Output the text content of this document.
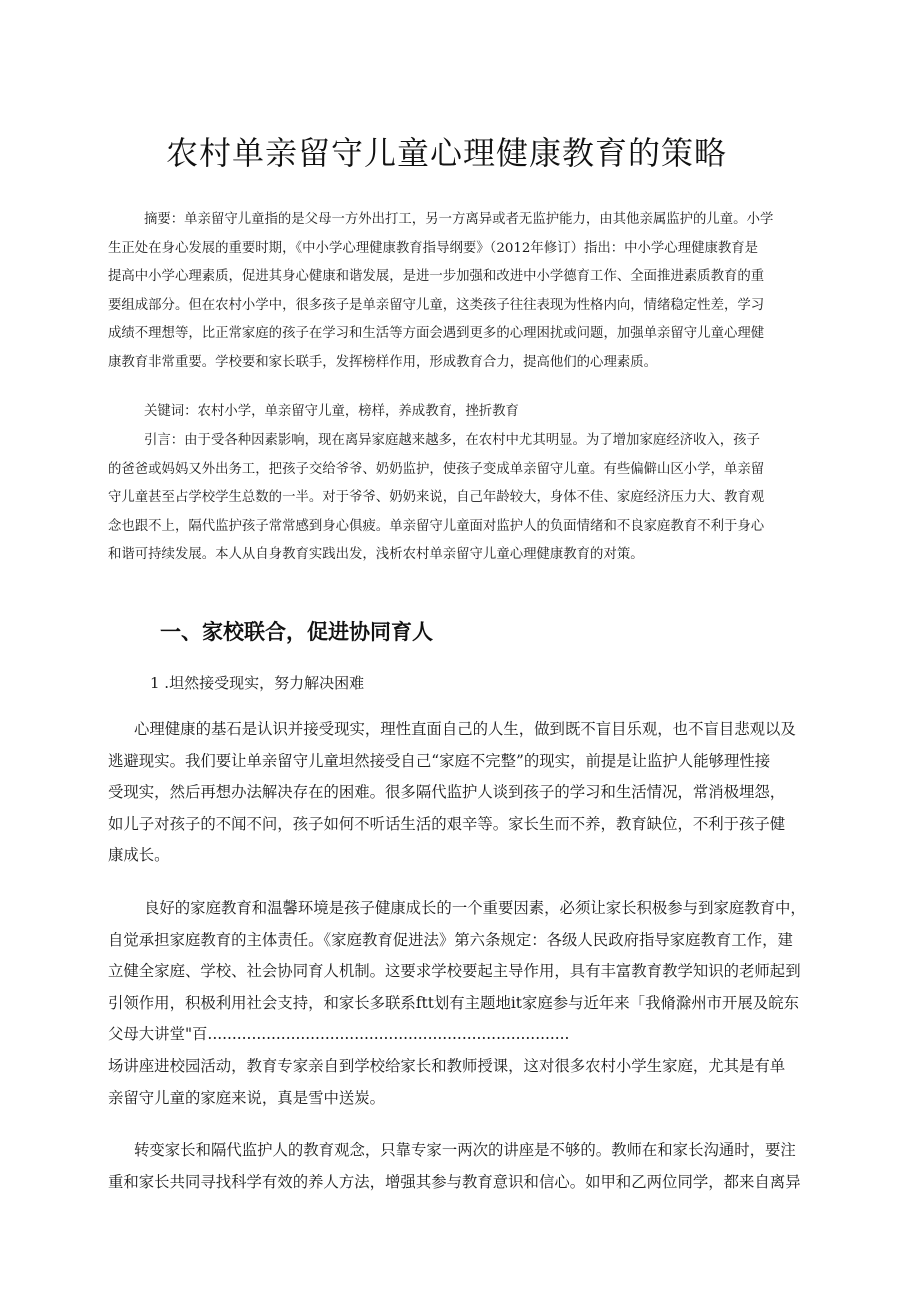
农村单亲留守儿童心理健康教育的策略
摘要：单亲留守儿童指的是父母一方外出打工，另一方离异或者无监护能力，由其他亲属监护的儿童。小学
生正处在身心发展的重要时期，《中小学心理健康教育指导纲要》（2012年修订）指出：中小学心理健康教育是
提高中小学心理素质，促进其身心健康和谐发展，是进一步加强和改进中小学德育工作、全面推进素质教育的重
要组成部分。但在农村小学中，很多孩子是单亲留守儿童，这类孩子往往表现为性格内向，情绪稳定性差，学习
成绩不理想等，比正常家庭的孩子在学习和生活等方面会遇到更多的心理困扰或问题，加强单亲留守儿童心理健
康教育非常重要。学校要和家长联手，发挥榜样作用，形成教育合力，提高他们的心理素质。
关键词：农村小学，单亲留守儿童，榜样，养成教育，挫折教育
引言：由于受各种因素影响，现在离异家庭越来越多，在农村中尤其明显。为了增加家庭经济收入，孩子
的爸爸或妈妈又外出务工，把孩子交给爷爷、奶奶监护，使孩子变成单亲留守儿童。有些偏僻山区小学，单亲留
守儿童甚至占学校学生总数的一半。对于爷爷、奶奶来说，自己年龄较大，身体不佳、家庭经济压力大、教育观
念也跟不上，隔代监护孩子常常感到身心俱疲。单亲留守儿童面对监护人的负面情绪和不良家庭教育不利于身心
和谐可持续发展。本人从自身教育实践出发，浅析农村单亲留守儿童心理健康教育的对策。
一、家校联合，促进协同育人
1 .坦然接受现实，努力解决困难
心理健康的基石是认识并接受现实，理性直面自己的人生，做到既不盲目乐观，也不盲目悲观以及
逃避现实。我们要让单亲留守儿童坦然接受自己“家庭不完整”的现实，前提是让监护人能够理性接
受现实，然后再想办法解决存在的困难。很多隔代监护人谈到孩子的学习和生活情况，常消极埋怨，
如儿子对孩子的不闻不问，孩子如何不听话生活的艰辛等。家长生而不养，教育缺位，不利于孩子健
康成长。
良好的家庭教育和温馨环境是孩子健康成长的一个重要因素，必须让家长积极参与到家庭教育中，
自觉承担家庭教育的主体责任。《家庭教育促进法》第六条规定：各级人民政府指导家庭教育工作，建
立健全家庭、学校、社会协同育人机制。这要求学校要起主导作用，具有丰富教育教学知识的老师起到
引领作用，积极利用社会支持，和家长多联系ftt划有主题地it家庭参与近年来「我脩滁州市开展及皖东
父母大讲堂"百..........................................................................
场讲座进校园活动，教育专家亲自到学校给家长和教师授课，这对很多农村小学生家庭，尤其是有单
亲留守儿童的家庭来说，真是雪中送炭。
转变家长和隔代监护人的教育观念，只靠专家一两次的讲座是不够的。教师在和家长沟通时，要注
重和家长共同寻找科学有效的养人方法，增强其参与教育意识和信心。如甲和乙两位同学，都来自离异
